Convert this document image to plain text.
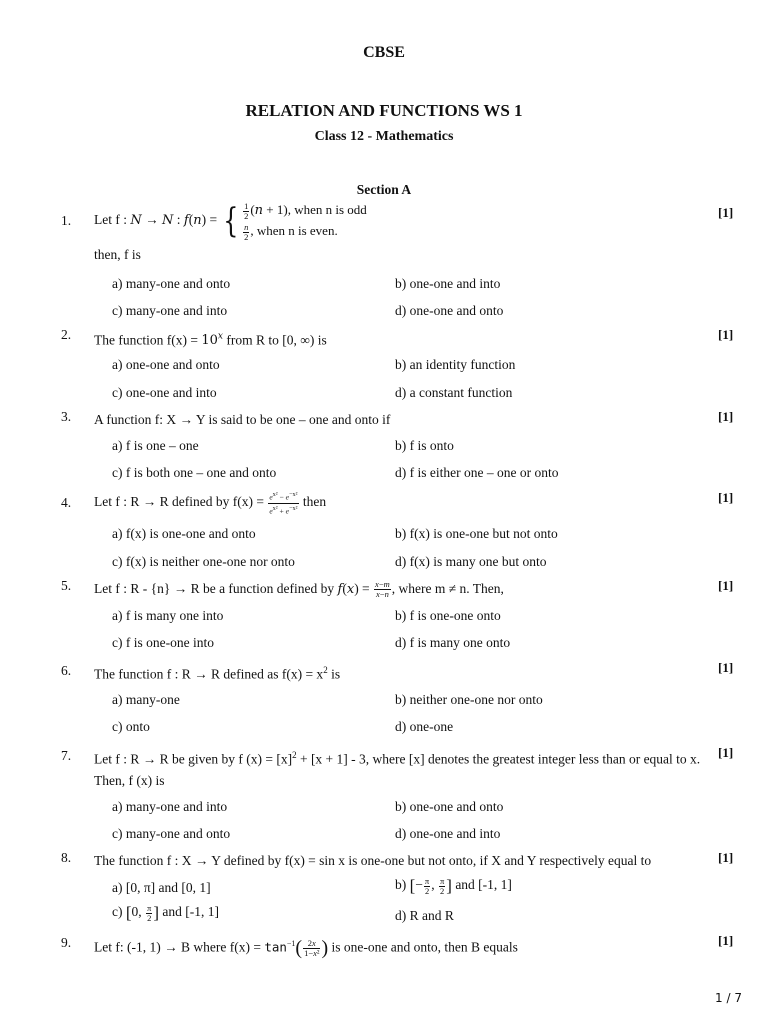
CBSE
RELATION AND FUNCTIONS WS 1
Class 12 - Mathematics
Section A
1. Let f : N → N : f(n) = { $\frac{1}{2} (n + 1)$, when n is odd

$\frac{n}{2}$ , when n is even.
then, f is
[1]
a) many-one and onto	b) one-one and into
c) many-one and into	d) one-one and onto
2. The function $f(x) = 10^x$ from R to [0, ∞) is	[1]
a) one-one and onto	b) an identity function
c) one-one and into	d) a constant function
3. A function f: X → Y is said to be one – one and onto if	[1]
a) f is one – one	b) f is onto
c) f is both one – one and onto	d) f is either one – one or onto
4. Let f : R → R defined by $f(x) = \frac{e^{x^2} - e^{-x^2}}{e^{x^2} + e^{-x^2}}$ then	[1]
a) f(x) is one-one and onto	b) f(x) is one-one but not onto
c) f(x) is neither one-one nor onto	d) f(x) is many one but onto
5. Let f : R - {n} → R be a function defined by $f(x) = \frac{x-m}{x-n}$ , where m ≠ n. Then,	[1]
a) f is many one into	b) f is one-one onto
c) f is one-one into	d) f is many one onto
6. The function f : R → R defined as $f(x) = x^2$ is	[1]
a) many-one	b) neither one-one nor onto
c) onto	d) one-one
7. Let f : R → R be given by f $(x) = [x]^2 + [x + 1] - 3$, where [x] denotes the greatest integer less than or equal to x. Then, f (x) is
[1]
a) many-one and into	b) one-one and onto
c) many-one and onto	d) one-one and into
8. The function f : X → Y defined by f(x) = sin x is one-one but not onto, if X and Y respectively equal to	[1]
a) [0, π] and [0, 1]	b) [− $\frac{\pi}{2}$ , $\frac{\pi}{2}$ ] and [-1, 1]
c) [0, $\frac{\pi}{2}$ ] and [-1, 1]	d) R and R
9. Let f: (-1, 1) → B where $f(x) = \tan^{-1}( \frac{2x}{\text{1−x²}}$ ) is one-one and onto, then B equals	[1]
1 / 7
